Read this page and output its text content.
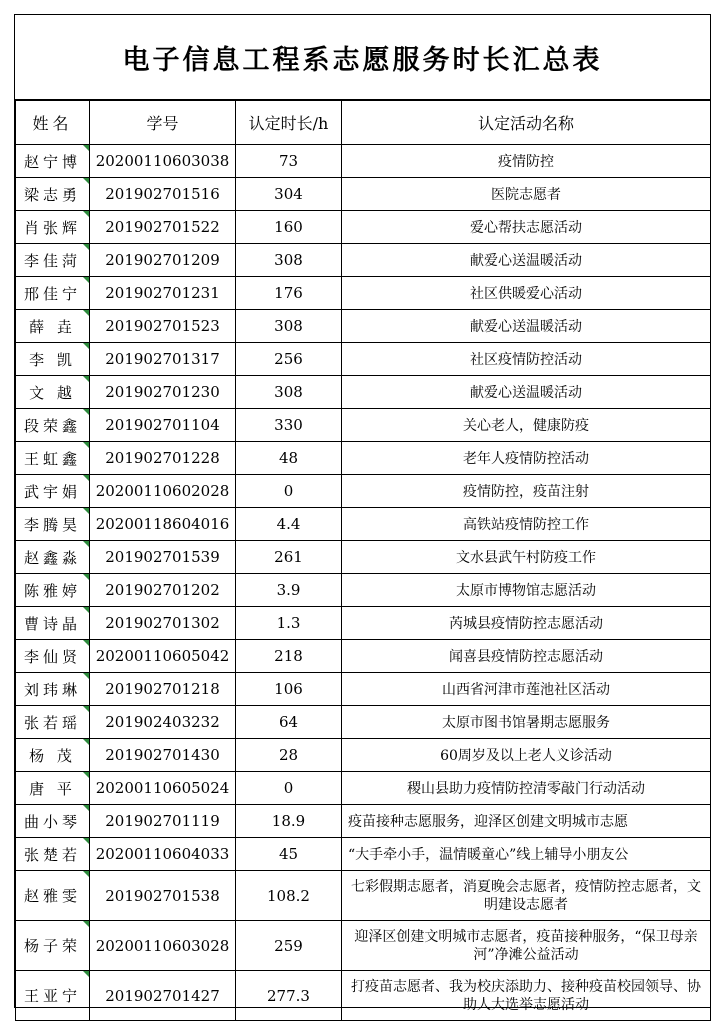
电子信息工程系志愿服务时长汇总表
姓名	学号	认定时长/h	认定活动名称
赵宁博	20200110603038	73	疫情防控
梁志勇	201902701516	304	医院志愿者
肖张辉	201902701522	160	爱心帮扶志愿活动
李佳菏	201902701209	308	献爱心送温暖活动
邢佳宁	201902701231	176	社区供暖爱心活动
薛 垚	201902701523	308	献爱心送温暖活动
李 凯	201902701317	256	社区疫情防控活动
文 越	201902701230	308	献爱心送温暖活动
段荣鑫	201902701104	330	关心老人，健康防疫
王虹鑫	201902701228	48	老年人疫情防控活动
武宇娟	20200110602028	0	疫情防控，疫苗注射
李腾昊	20200118604016	4.4	高铁站疫情防控工作
赵鑫淼	201902701539	261	文水县武午村防疫工作
陈雅婷	201902701202	3.9	太原市博物馆志愿活动
曹诗晶	201902701302	1.3	芮城县疫情防控志愿活动
李仙贤	20200110605042	218	闻喜县疫情防控志愿活动
刘玮琳	201902701218	106	山西省河津市莲池社区活动
张若瑶	201902403232	64	太原市图书馆暑期志愿服务
杨 茂	201902701430	28	60周岁及以上老人义诊活动
唐 平	20200110605024	0	稷山县助力疫情防控清零敲门行动活动
曲小琴	201902701119	18.9	疫苗接种志愿服务，迎泽区创建文明城市志愿
张楚若	20200110604033	45	“大手牵小手，温情暖童心”线上辅导小朋友公
赵雅雯	201902701538	108.2	七彩假期志愿者，消夏晚会志愿者，疫情防控志愿者，文明建设志愿者
杨子荣	20200110603028	259	迎泽区创建文明城市志愿者，疫苗接种服务，“保卫母亲河”净滩公益活动
王亚宁	201902701427	277.3	打疫苗志愿者、我为校庆添助力、接种疫苗校园领导、协助人大选举志愿活动
